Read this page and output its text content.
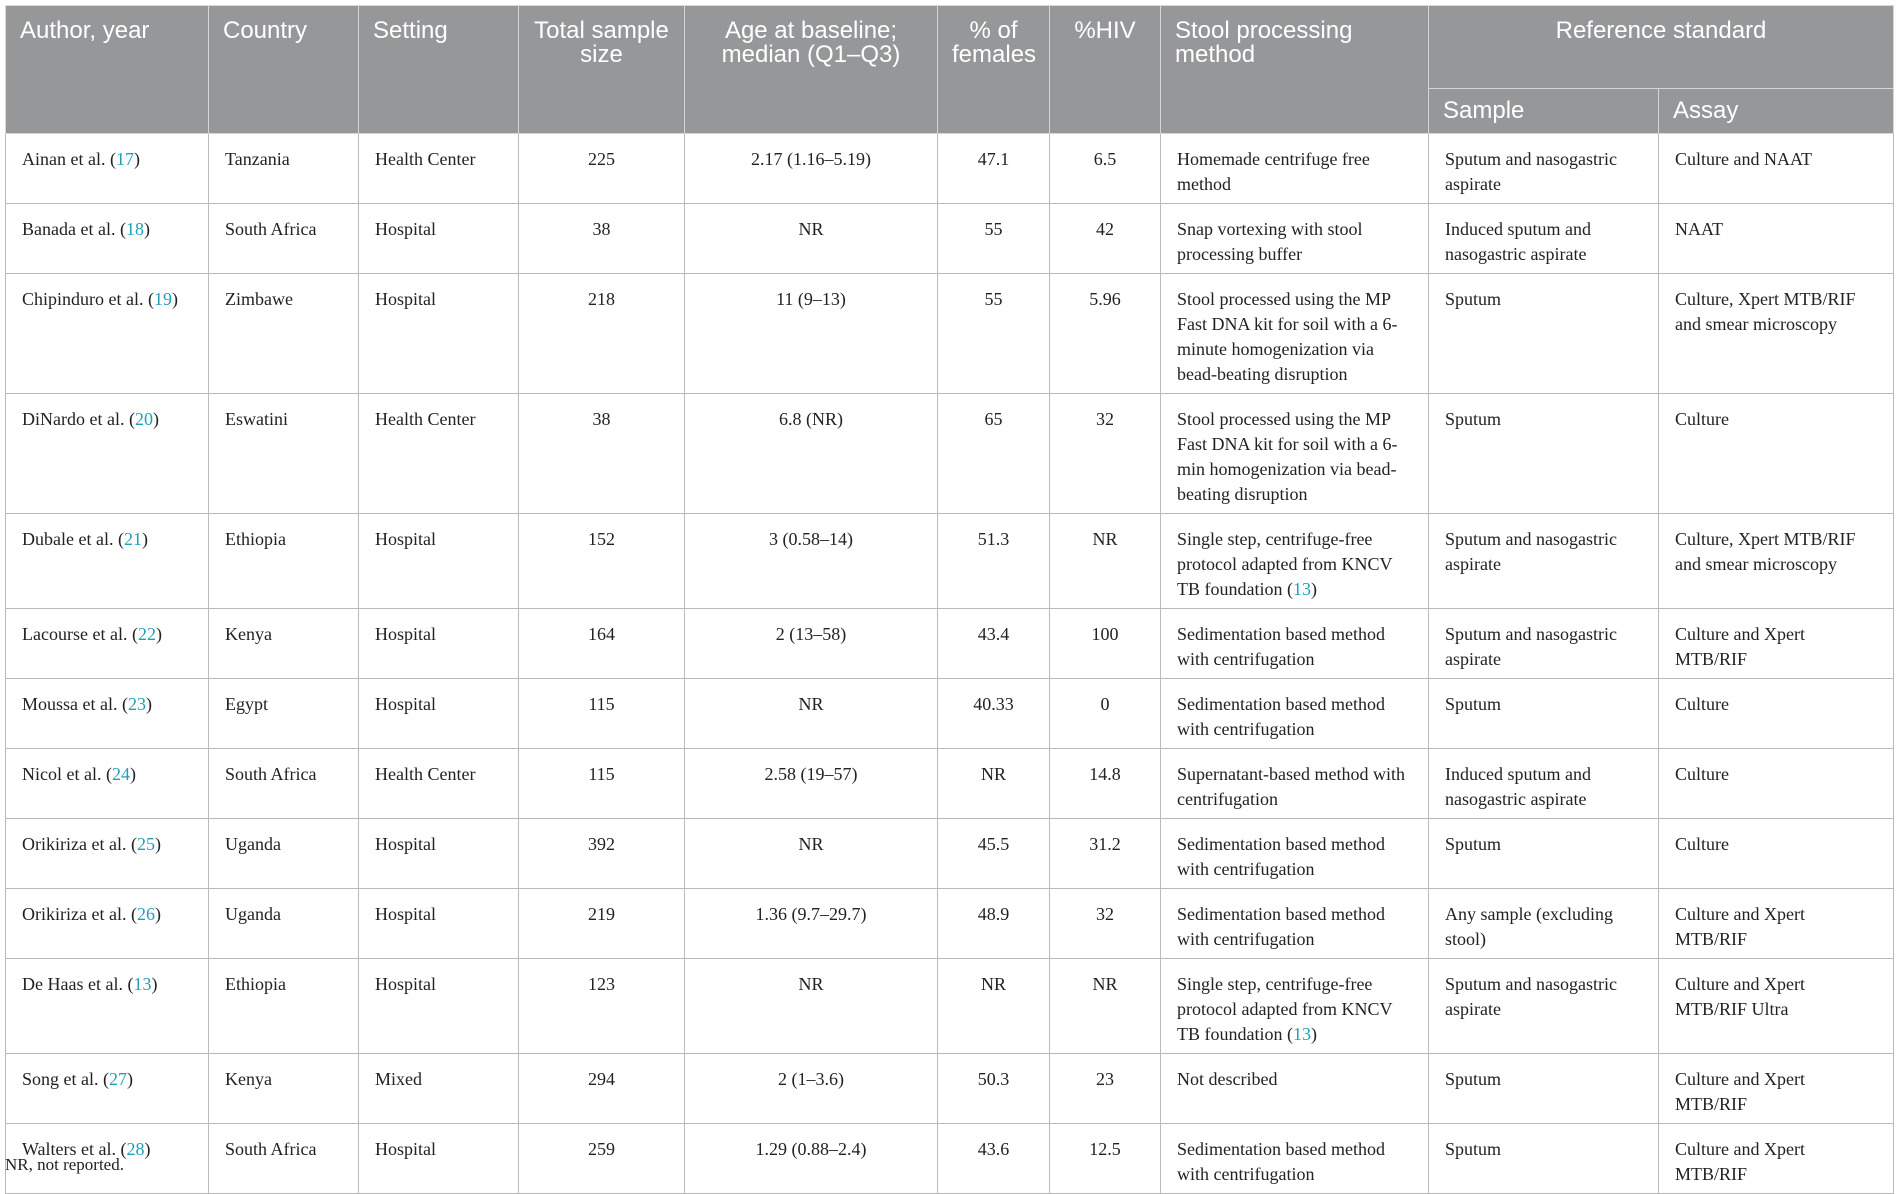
Author, year	Country	Setting	Total sample size	Age at baseline; median (Q1–Q3)	% of females	%HIV	Stool processing method	Reference standard	
								Sample	Assay
Ainan et al. (17)	Tanzania	Health Center	225	2.17 (1.16–5.19)	47.1	6.5	Homemade centrifuge free method	Sputum and nasogastric aspirate	Culture and NAAT
Banada et al. (18)	South Africa	Hospital	38	NR	55	42	Snap vortexing with stool processing buffer	Induced sputum and nasogastric aspirate	NAAT
Chipinduro et al. (19)	Zimbawe	Hospital	218	11 (9–13)	55	5.96	Stool processed using the MP Fast DNA kit for soil with a 6-minute homogenization via bead-beating disruption	Sputum	Culture, Xpert MTB/RIF and smear microscopy
DiNardo et al. (20)	Eswatini	Health Center	38	6.8 (NR)	65	32	Stool processed using the MP Fast DNA kit for soil with a 6-min homogenization via bead-beating disruption	Sputum	Culture
Dubale et al. (21)	Ethiopia	Hospital	152	3 (0.58–14)	51.3	NR	Single step, centrifuge-free protocol adapted from KNCV TB foundation (13)	Sputum and nasogastric aspirate	Culture, Xpert MTB/RIF and smear microscopy
Lacourse et al. (22)	Kenya	Hospital	164	2 (13–58)	43.4	100	Sedimentation based method with centrifugation	Sputum and nasogastric aspirate	Culture and Xpert MTB/RIF
Moussa et al. (23)	Egypt	Hospital	115	NR	40.33	0	Sedimentation based method with centrifugation	Sputum	Culture
Nicol et al. (24)	South Africa	Health Center	115	2.58 (19–57)	NR	14.8	Supernatant-based method with centrifugation	Induced sputum and nasogastric aspirate	Culture
Orikiriza et al. (25)	Uganda	Hospital	392	NR	45.5	31.2	Sedimentation based method with centrifugation	Sputum	Culture
Orikiriza et al. (26)	Uganda	Hospital	219	1.36 (9.7–29.7)	48.9	32	Sedimentation based method with centrifugation	Any sample (excluding stool)	Culture and Xpert MTB/RIF
De Haas et al. (13)	Ethiopia	Hospital	123	NR	NR	NR	Single step, centrifuge-free protocol adapted from KNCV TB foundation (13)	Sputum and nasogastric aspirate	Culture and Xpert MTB/RIF Ultra
Song et al. (27)	Kenya	Mixed	294	2 (1–3.6)	50.3	23	Not described	Sputum	Culture and Xpert MTB/RIF
Walters et al. (28)	South Africa	Hospital	259	1.29 (0.88–2.4)	43.6	12.5	Sedimentation based method with centrifugation	Sputum	Culture and Xpert MTB/RIF
NR, not reported.
